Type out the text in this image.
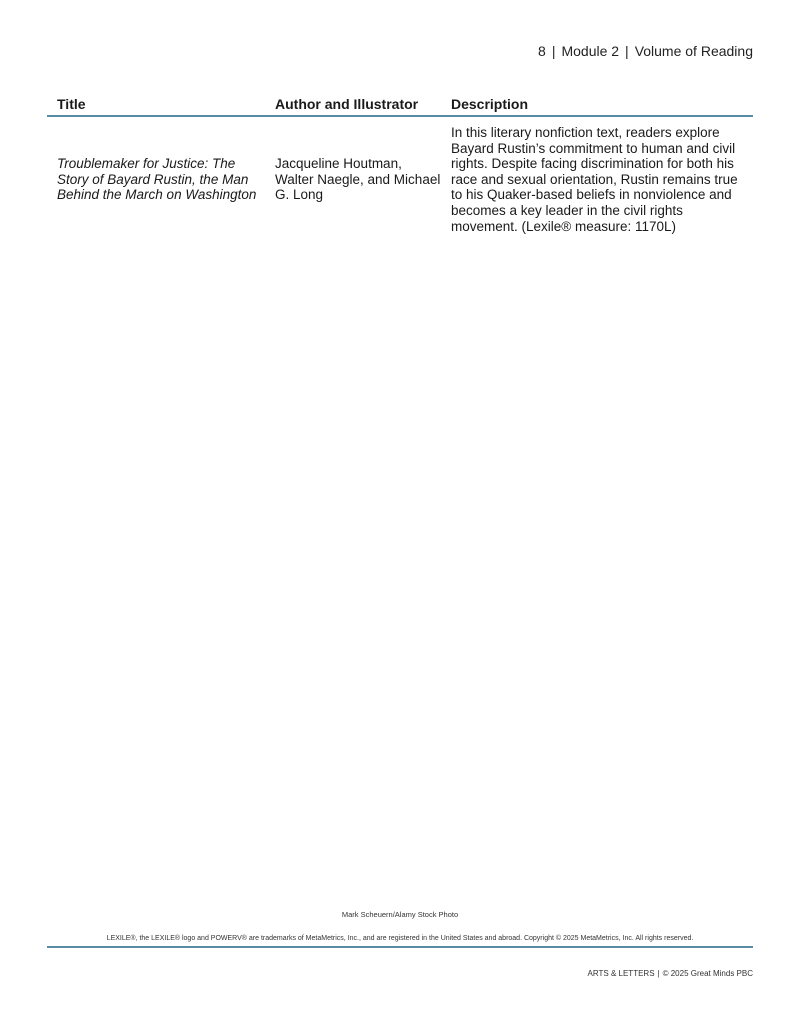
8 | Module 2 | Volume of Reading
Title	Author and Illustrator	Description
Troublemaker for Justice: The Story of Bayard Rustin, the Man Behind the March on Washington
Jacqueline Houtman, Walter Naegle, and Michael G. Long
In this literary nonfiction text, readers explore Bayard Rustin’s commitment to human and civil rights. Despite facing discrimination for both his race and sexual orientation, Rustin remains true to his Quaker-based beliefs in nonviolence and becomes a key leader in the civil rights movement. (Lexile® measure: 1170L)
Mark Scheuern/Alamy Stock Photo
LEXILE®, the LEXILE® logo and POWERV® are trademarks of MetaMetrics, Inc., and are registered in the United States and abroad. Copyright © 2025 MetaMetrics, Inc. All rights reserved.
ARTS & LETTERS | © 2025 Great Minds PBC
